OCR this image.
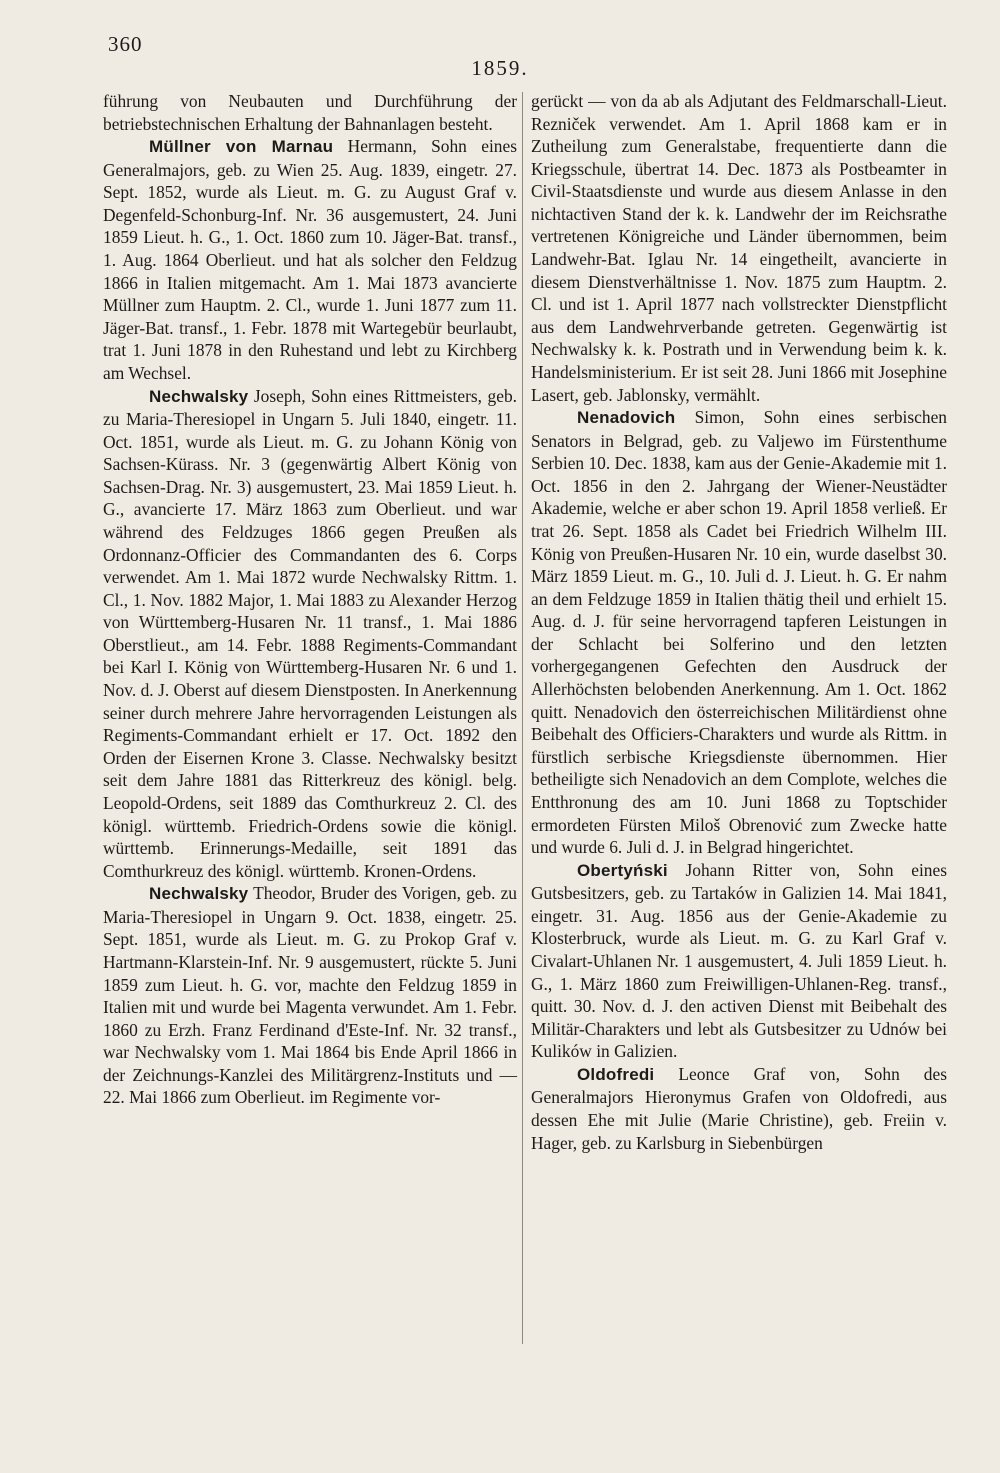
360
1859.

führung von Neubauten und Durchführung der betriebstechnischen Erhaltung der Bahnanlagen besteht.

Müllner von Marnau Hermann, Sohn eines Generalmajors, geb. zu Wien 25. Aug. 1839, eingetr. 27. Sept. 1852, wurde als Lieut. m. G. zu August Graf v. Degenfeld-Schonburg-Inf. Nr. 36 ausgemustert, 24. Juni 1859 Lieut. h. G., 1. Oct. 1860 zum 10. Jäger-Bat. transf., 1. Aug. 1864 Oberlieut. und hat als solcher den Feldzug 1866 in Italien mitgemacht. Am 1. Mai 1873 avancierte Müllner zum Hauptm. 2. Cl., wurde 1. Juni 1877 zum 11. Jäger-Bat. transf., 1. Febr. 1878 mit Wartegebür beurlaubt, trat 1. Juni 1878 in den Ruhestand und lebt zu Kirchberg am Wechsel.

Nechwalsky Joseph, Sohn eines Rittmeisters, geb. zu Maria-Theresiopel in Ungarn 5. Juli 1840, eingetr. 11. Oct. 1851, wurde als Lieut. m. G. zu Johann König von Sachsen-Kürass. Nr. 3 (gegenwärtig Albert König von Sachsen-Drag. Nr. 3) ausgemustert, 23. Mai 1859 Lieut. h. G., avancierte 17. März 1863 zum Oberlieut. und war während des Feldzuges 1866 gegen Preußen als Ordonnanz-Officier des Commandanten des 6. Corps verwendet. Am 1. Mai 1872 wurde Nechwalsky Rittm. 1. Cl., 1. Nov. 1882 Major, 1. Mai 1883 zu Alexander Herzog von Württemberg-Husaren Nr. 11 transf., 1. Mai 1886 Oberstlieut., am 14. Febr. 1888 Regiments-Commandant bei Karl I. König von Württemberg-Husaren Nr. 6 und 1. Nov. d. J. Oberst auf diesem Dienstposten. In Anerkennung seiner durch mehrere Jahre hervorragenden Leistungen als Regiments-Commandant erhielt er 17. Oct. 1892 den Orden der Eisernen Krone 3. Classe. Nechwalsky besitzt seit dem Jahre 1881 das Ritterkreuz des königl. belg. Leopold-Ordens, seit 1889 das Comthurkreuz 2. Cl. des königl. württemb. Friedrich-Ordens sowie die königl. württemb. Erinnerungs-Medaille, seit 1891 das Comthurkreuz des königl. württemb. Kronen-Ordens.

Nechwalsky Theodor, Bruder des Vorigen, geb. zu Maria-Theresiopel in Ungarn 9. Oct. 1838, eingetr. 25. Sept. 1851, wurde als Lieut. m. G. zu Prokop Graf v. Hartmann-Klarstein-Inf. Nr. 9 ausgemustert, rückte 5. Juni 1859 zum Lieut. h. G. vor, machte den Feldzug 1859 in Italien mit und wurde bei Magenta verwundet. Am 1. Febr. 1860 zu Erzh. Franz Ferdinand d'Este-Inf. Nr. 32 transf., war Nechwalsky vom 1. Mai 1864 bis Ende April 1866 in der Zeichnungs-Kanzlei des Militärgrenz-Instituts und — 22. Mai 1866 zum Oberlieut. im Regimente vor-

gerückt — von da ab als Adjutant des Feldmarschall-Lieut. Rezniček verwendet. Am 1. April 1868 kam er in Zutheilung zum Generalstabe, frequentierte dann die Kriegsschule, übertrat 14. Dec. 1873 als Postbeamter in Civil-Staatsdienste und wurde aus diesem Anlasse in den nichtactiven Stand der k. k. Landwehr der im Reichsrathe vertretenen Königreiche und Länder übernommen, beim Landwehr-Bat. Iglau Nr. 14 eingetheilt, avancierte in diesem Dienstverhältnisse 1. Nov. 1875 zum Hauptm. 2. Cl. und ist 1. April 1877 nach vollstreckter Dienstpflicht aus dem Landwehrverbande getreten. Gegenwärtig ist Nechwalsky k. k. Postrath und in Verwendung beim k. k. Handelsministerium. Er ist seit 28. Juni 1866 mit Josephine Lasert, geb. Jablonsky, vermählt.

Nenadovich Simon, Sohn eines serbischen Senators in Belgrad, geb. zu Valjewo im Fürstenthume Serbien 10. Dec. 1838, kam aus der Genie-Akademie mit 1. Oct. 1856 in den 2. Jahrgang der Wiener-Neustädter Akademie, welche er aber schon 19. April 1858 verließ. Er trat 26. Sept. 1858 als Cadet bei Friedrich Wilhelm III. König von Preußen-Husaren Nr. 10 ein, wurde daselbst 30. März 1859 Lieut. m. G., 10. Juli d. J. Lieut. h. G. Er nahm an dem Feldzuge 1859 in Italien thätig theil und erhielt 15. Aug. d. J. für seine hervorragend tapferen Leistungen in der Schlacht bei Solferino und den letzten vorhergegangenen Gefechten den Ausdruck der Allerhöchsten belobenden Anerkennung. Am 1. Oct. 1862 quitt. Nenadovich den österreichischen Militärdienst ohne Beibehalt des Officiers-Charakters und wurde als Rittm. in fürstlich serbische Kriegsdienste übernommen. Hier betheiligte sich Nenadovich an dem Complote, welches die Entthronung des am 10. Juni 1868 zu Toptschider ermordeten Fürsten Miloš Obrenović zum Zwecke hatte und wurde 6. Juli d. J. in Belgrad hingerichtet.

Obertyński Johann Ritter von, Sohn eines Gutsbesitzers, geb. zu Tartaków in Galizien 14. Mai 1841, eingetr. 31. Aug. 1856 aus der Genie-Akademie zu Klosterbruck, wurde als Lieut. m. G. zu Karl Graf v. Civalart-Uhlanen Nr. 1 ausgemustert, 4. Juli 1859 Lieut. h. G., 1. März 1860 zum Freiwilligen-Uhlanen-Reg. transf., quitt. 30. Nov. d. J. den activen Dienst mit Beibehalt des Militär-Charakters und lebt als Gutsbesitzer zu Udnów bei Kulików in Galizien.

Oldofredi Leonce Graf von, Sohn des Generalmajors Hieronymus Grafen von Oldofredi, aus dessen Ehe mit Julie (Marie Christine), geb. Freiin v. Hager, geb. zu Karlsburg in Siebenbürgen
